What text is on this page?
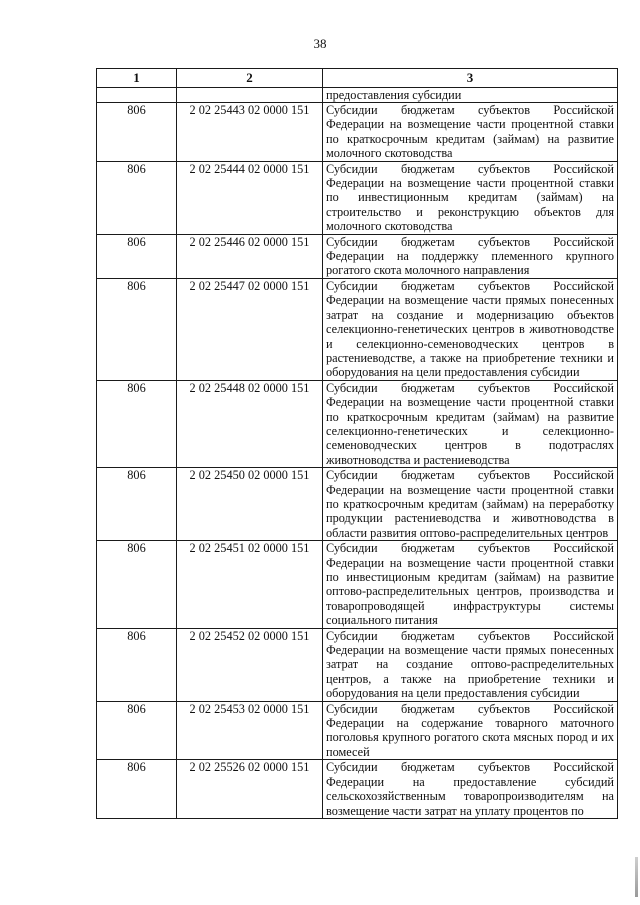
38
1	2	3
		предоставления субсидии
806	2 02 25443 02 0000 151	Субсидии бюджетам субъектов Российской Федерации на возмещение части процентной ставки по краткосрочным кредитам (займам) на развитие молочного скотоводства
806	2 02 25444 02 0000 151	Субсидии бюджетам субъектов Российской Федерации на возмещение части процентной ставки по инвестиционным кредитам (займам) на строительство и реконструкцию объектов для молочного скотоводства
806	2 02 25446 02 0000 151	Субсидии бюджетам субъектов Российской Федерации на поддержку племенного крупного рогатого скота молочного направления
806	2 02 25447 02 0000 151	Субсидии бюджетам субъектов Российской Федерации на возмещение части прямых понесенных затрат на создание и модернизацию объектов селекционно-генетических центров в животноводстве и селекционно-семеноводческих центров в растениеводстве, а также на приобретение техники и оборудования на цели предоставления субсидии
806	2 02 25448 02 0000 151	Субсидии бюджетам субъектов Российской Федерации на возмещение части процентной ставки по краткосрочным кредитам (займам) на развитие селекционно-генетических и селекционно-семеноводческих центров в подотраслях животноводства и растениеводства
806	2 02 25450 02 0000 151	Субсидии бюджетам субъектов Российской Федерации на возмещение части процентной ставки по краткосрочным кредитам (займам) на переработку продукции растениеводства и животноводства в области развития оптово-распределительных центров
806	2 02 25451 02 0000 151	Субсидии бюджетам субъектов Российской Федерации на возмещение части процентной ставки по инвестиционым кредитам (займам) на развитие оптово-распределительных центров, производства и товаропроводящей инфраструктуры системы социального питания
806	2 02 25452 02 0000 151	Субсидии бюджетам субъектов Российской Федерации на возмещение части прямых понесенных затрат на создание оптово-распределительных центров, а также на приобретение техники и оборудования на цели предоставления субсидии
806	2 02 25453 02 0000 151	Субсидии бюджетам субъектов Российской Федерации на содержание товарного маточного поголовья крупного рогатого скота мясных пород и их помесей
806	2 02 25526 02 0000 151	Субсидии бюджетам субъектов Российской Федерации на предоставление субсидий сельскохозяйственным товаропроизводителям на возмещение части затрат на уплату процентов по
